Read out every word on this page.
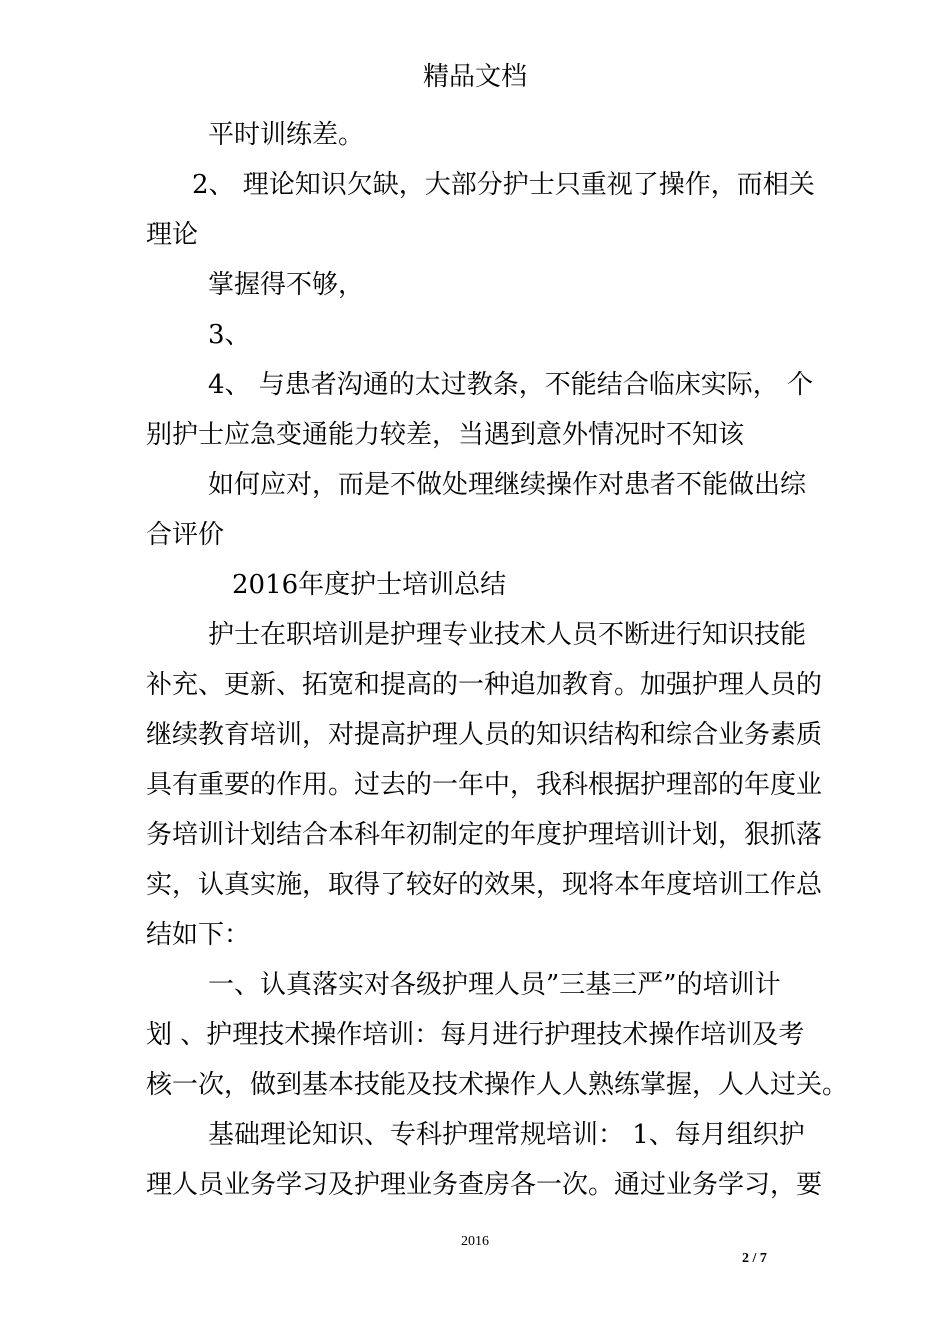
精品文档
平时训练差。
2、 理论知识欠缺，大部分护士只重视了操作，而相关
理论
掌握得不够，
3、
4、 与患者沟通的太过教条，不能结合临床实际， 个
别护士应急变通能力较差，当遇到意外情况时不知该
如何应对，而是不做处理继续操作对患者不能做出综
合评价
2016年度护士培训总结
护士在职培训是护理专业技术人员不断进行知识技能
补充、更新、拓宽和提高的一种追加教育。加强护理人员的
继续教育培训，对提高护理人员的知识结构和综合业务素质
具有重要的作用。过去的一年中，我科根据护理部的年度业
务培训计划结合本科年初制定的年度护理培训计划，狠抓落
实，认真实施，取得了较好的效果，现将本年度培训工作总
结如下：
一、认真落实对各级护理人员”三基三严”的培训计
划 、护理技术操作培训：每月进行护理技术操作培训及考
核一次，做到基本技能及技术操作人人熟练掌握，人人过关。
基础理论知识、专科护理常规培训： 1、每月组织护
理人员业务学习及护理业务查房各一次。通过业务学习，要
2016
2 / 7
